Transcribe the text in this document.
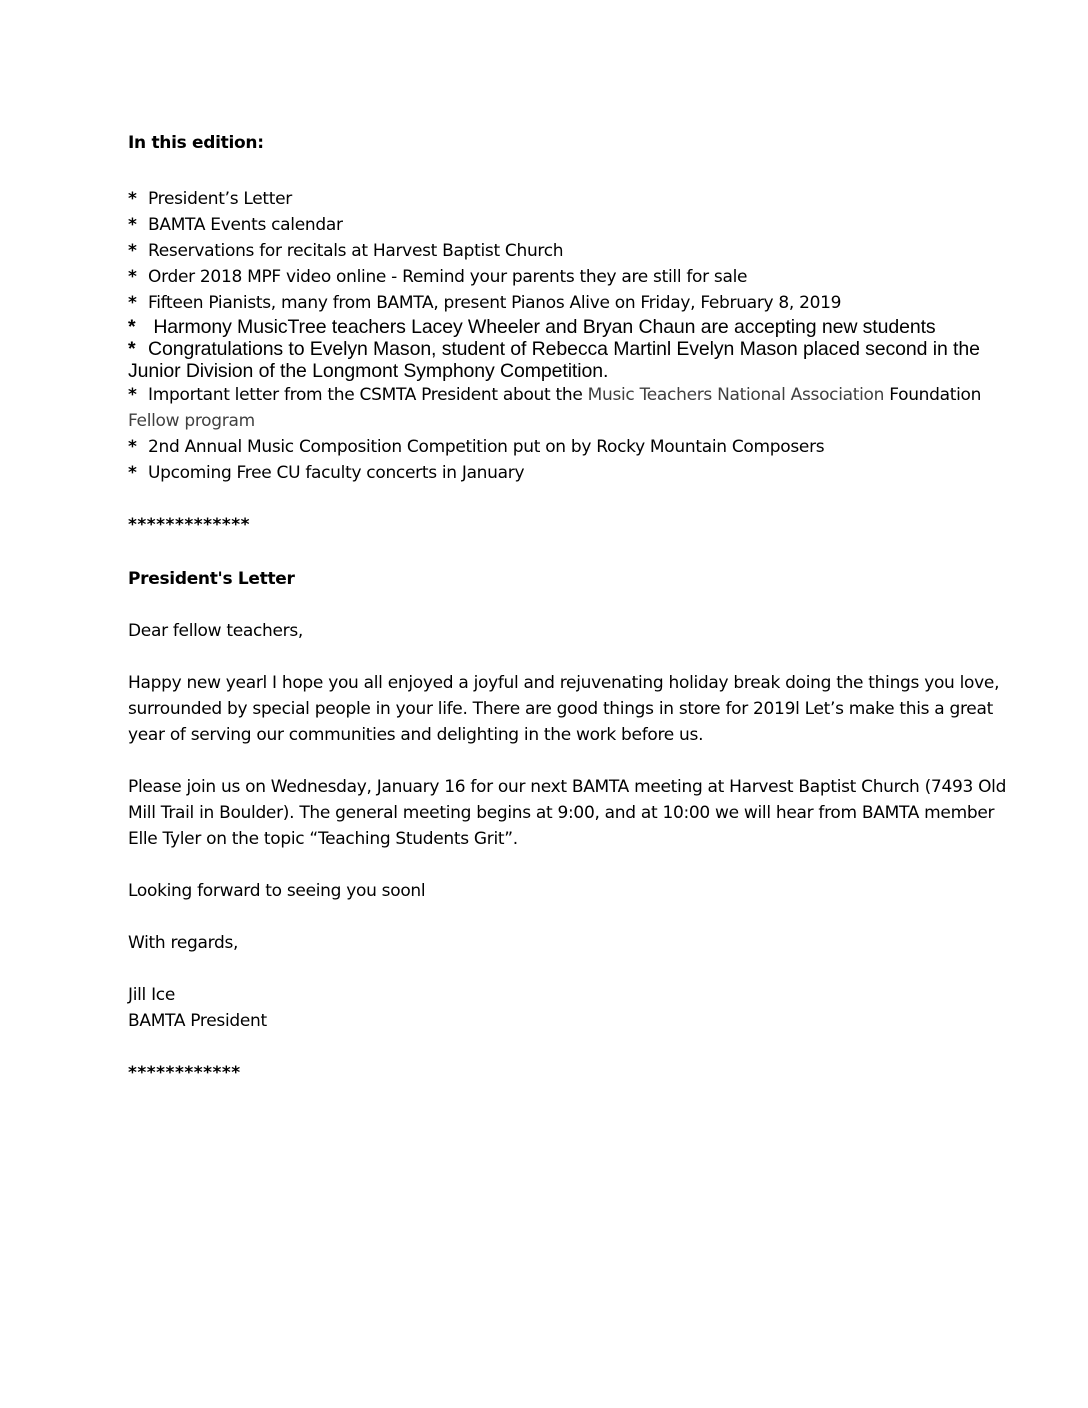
In this edition:
* President’s Letter
* BAMTA Events calendar
* Reservations for recitals at Harvest Baptist Church
* Order 2018 MPF video online - Remind your parents they are still for sale
* Fifteen Pianists, many from BAMTA, present Pianos Alive on Friday, February 8, 2019
* Harmony MusicTree teachers Lacey Wheeler and Bryan Chaun are accepting new students
* Congratulations to Evelyn Mason, student of Rebecca Martinl Evelyn Mason placed second in the Junior Division of the Longmont Symphony Competition.
* Important letter from the CSMTA President about the Music Teachers National Association Foundation Fellow program
* 2nd Annual Music Composition Competition put on by Rocky Mountain Composers
* Upcoming Free CU faculty concerts in January
*************
President's Letter

Dear fellow teachers,

Happy new yearl I hope you all enjoyed a joyful and rejuvenating holiday break doing the things you love, surrounded by special people in your life. There are good things in store for 2019l Let’s make this a great year of serving our communities and delighting in the work before us.

Please join us on Wednesday, January 16 for our next BAMTA meeting at Harvest Baptist Church (7493 Old Mill Trail in Boulder). The general meeting begins at 9:00, and at 10:00 we will hear from BAMTA member Elle Tyler on the topic “Teaching Students Grit”.

Looking forward to seeing you soonl

With regards,

Jill Ice
BAMTA President
************
